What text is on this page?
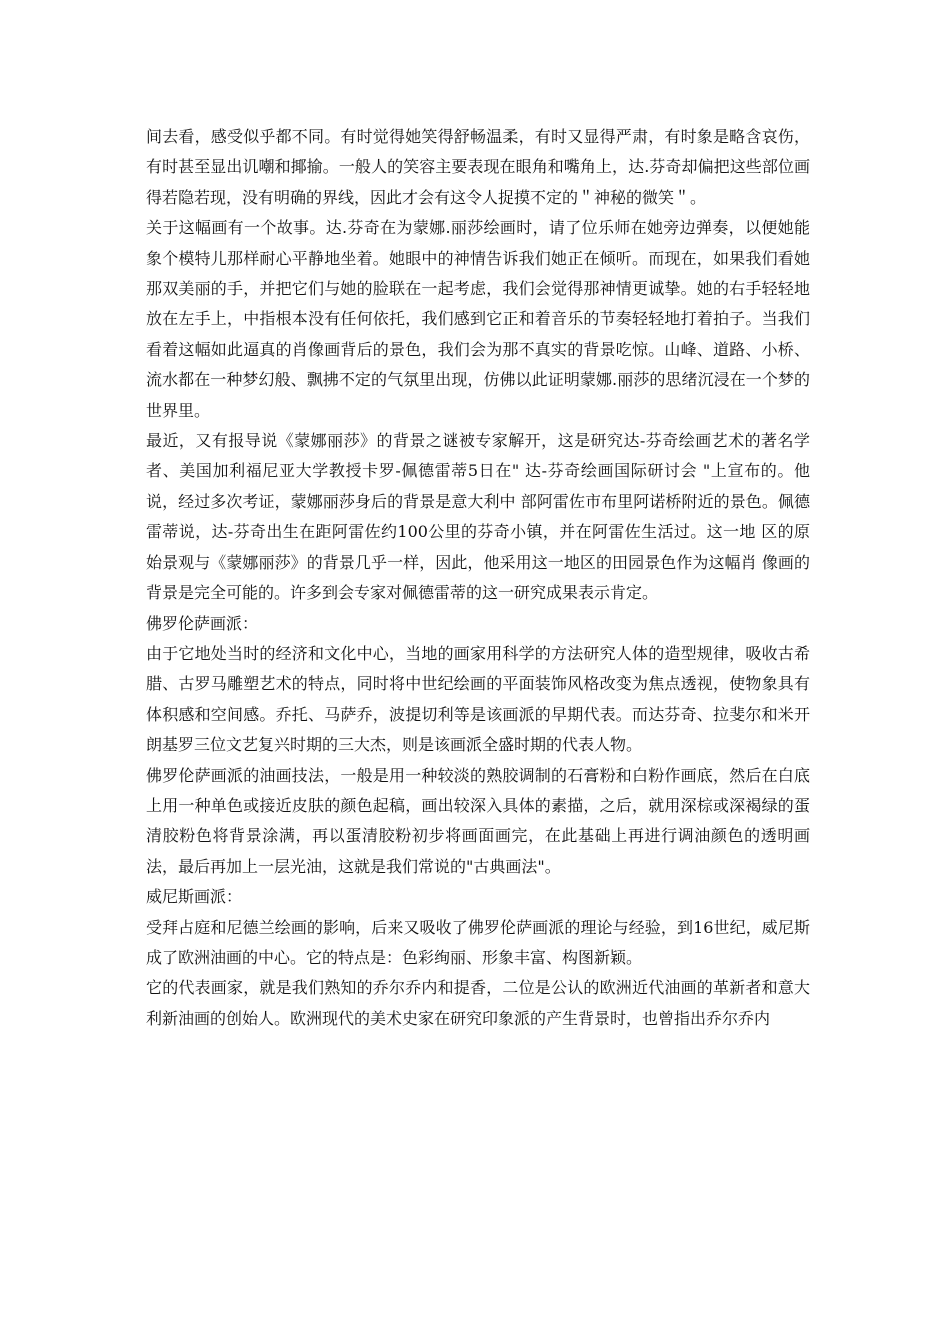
间去看，感受似乎都不同。有时觉得她笑得舒畅温柔，有时又显得严肃，有时象是略含哀伤，有时甚至显出讥嘲和揶揄。一般人的笑容主要表现在眼角和嘴角上，达.芬奇却偏把这些部位画得若隐若现，没有明确的界线，因此才会有这令人捉摸不定的＂神秘的微笑＂。

关于这幅画有一个故事。达.芬奇在为蒙娜.丽莎绘画时，请了位乐师在她旁边弹奏，以便她能象个模特儿那样耐心平静地坐着。她眼中的神情告诉我们她正在倾听。而现在，如果我们看她那双美丽的手，并把它们与她的脸联在一起考虑，我们会觉得那神情更诚挚。她的右手轻轻地放在左手上，中指根本没有任何依托，我们感到它正和着音乐的节奏轻轻地打着拍子。当我们看着这幅如此逼真的肖像画背后的景色，我们会为那不真实的背景吃惊。山峰、道路、小桥、流水都在一种梦幻般、飘拂不定的气氛里出现，仿佛以此证明蒙娜.丽莎的思绪沉浸在一个梦的世界里。

最近，又有报导说《蒙娜丽莎》的背景之谜被专家解开，这是研究达-芬奇绘画艺术的著名学者、美国加利福尼亚大学教授卡罗-佩德雷蒂5日在" 达-芬奇绘画国际研讨会 "上宣布的。他说，经过多次考证，蒙娜丽莎身后的背景是意大利中 部阿雷佐市布里阿诺桥附近的景色。佩德雷蒂说，达-芬奇出生在距阿雷佐约100公里的芬奇小镇，并在阿雷佐生活过。这一地 区的原始景观与《蒙娜丽莎》的背景几乎一样，因此，他采用这一地区的田园景色作为这幅肖 像画的背景是完全可能的。许多到会专家对佩德雷蒂的这一研究成果表示肯定。

佛罗伦萨画派：

由于它地处当时的经济和文化中心，当地的画家用科学的方法研究人体的造型规律，吸收古希腊、古罗马雕塑艺术的特点，同时将中世纪绘画的平面装饰风格改变为焦点透视，使物象具有体积感和空间感。乔托、马萨乔，波提切利等是该画派的早期代表。而达芬奇、拉斐尔和米开朗基罗三位文艺复兴时期的三大杰，则是该画派全盛时期的代表人物。

佛罗伦萨画派的油画技法，一般是用一种较淡的熟胶调制的石膏粉和白粉作画底，然后在白底上用一种单色或接近皮肤的颜色起稿，画出较深入具体的素描，之后，就用深棕或深褐绿的蛋清胶粉色将背景涂满，再以蛋清胶粉初步将画面画完，在此基础上再进行调油颜色的透明画法，最后再加上一层光油，这就是我们常说的"古典画法"。

威尼斯画派：

受拜占庭和尼德兰绘画的影响，后来又吸收了佛罗伦萨画派的理论与经验，到16世纪，威尼斯成了欧洲油画的中心。它的特点是：色彩绚丽、形象丰富、构图新颖。

它的代表画家，就是我们熟知的乔尔乔内和提香，二位是公认的欧洲近代油画的革新者和意大利新油画的创始人。欧洲现代的美术史家在研究印象派的产生背景时，也曾指出乔尔乔内
